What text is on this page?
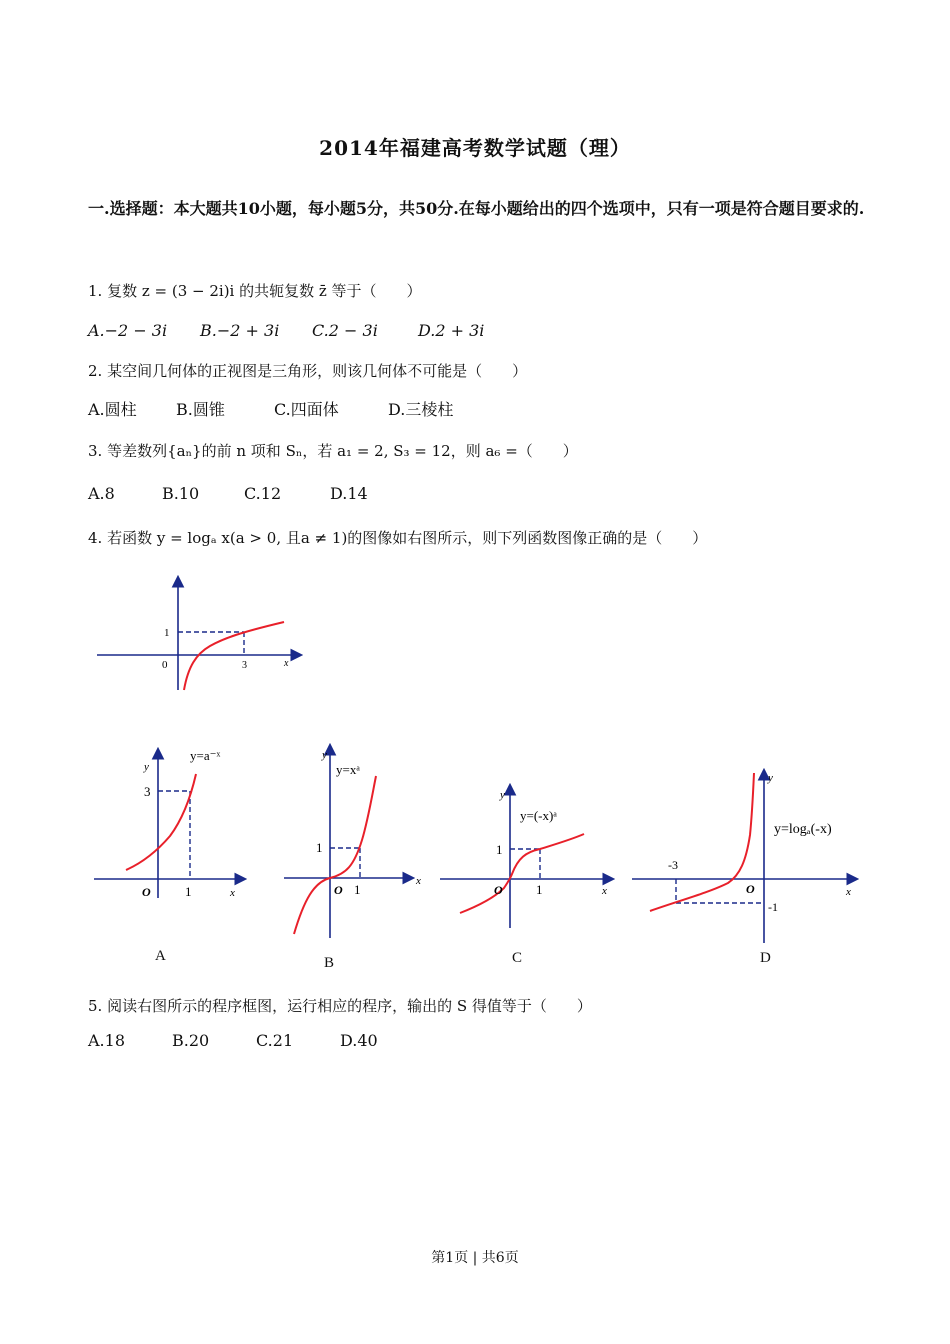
2014年福建高考数学试题（理）
一.选择题：本大题共10小题，每小题5分，共50分.在每小题给出的四个选项中，只有一项是符合题目要求的.
1. 复数 z = (3 − 2i)i 的共轭复数 z̄ 等于（　　）
A.−2 − 3i B.−2 + 3i C.2 − 3i	D.2 + 3i
2. 某空间几何体的正视图是三角形，则该几何体不可能是（　　）
A.圆柱 B.圆锥	C.四面体	D.三棱柱
3. 等差数列{aₙ}的前 n 项和 Sₙ，若 a₁ = 2, S₃ = 12，则 a₆ =（　　）
A.8	B.10	C.12	D.14
4. 若函数 y = logₐ x(a > 0, 且a ≠ 1)的图像如右图所示，则下列函数图像正确的是（　　）
1
0	3	x
y=a⁻ˣ
y
3
O	1	x
A
y=xᵃ
y
1
O 1
x
B
y=(-x)ᵃ
y
1
O	1	x
C
y=logₐ(-x)
y
-3
-1
O	x
D
5. 阅读右图所示的程序框图，运行相应的程序，输出的 S 得值等于（　　）
A.18	B.20	C.21	D.40
第1页 | 共6页
